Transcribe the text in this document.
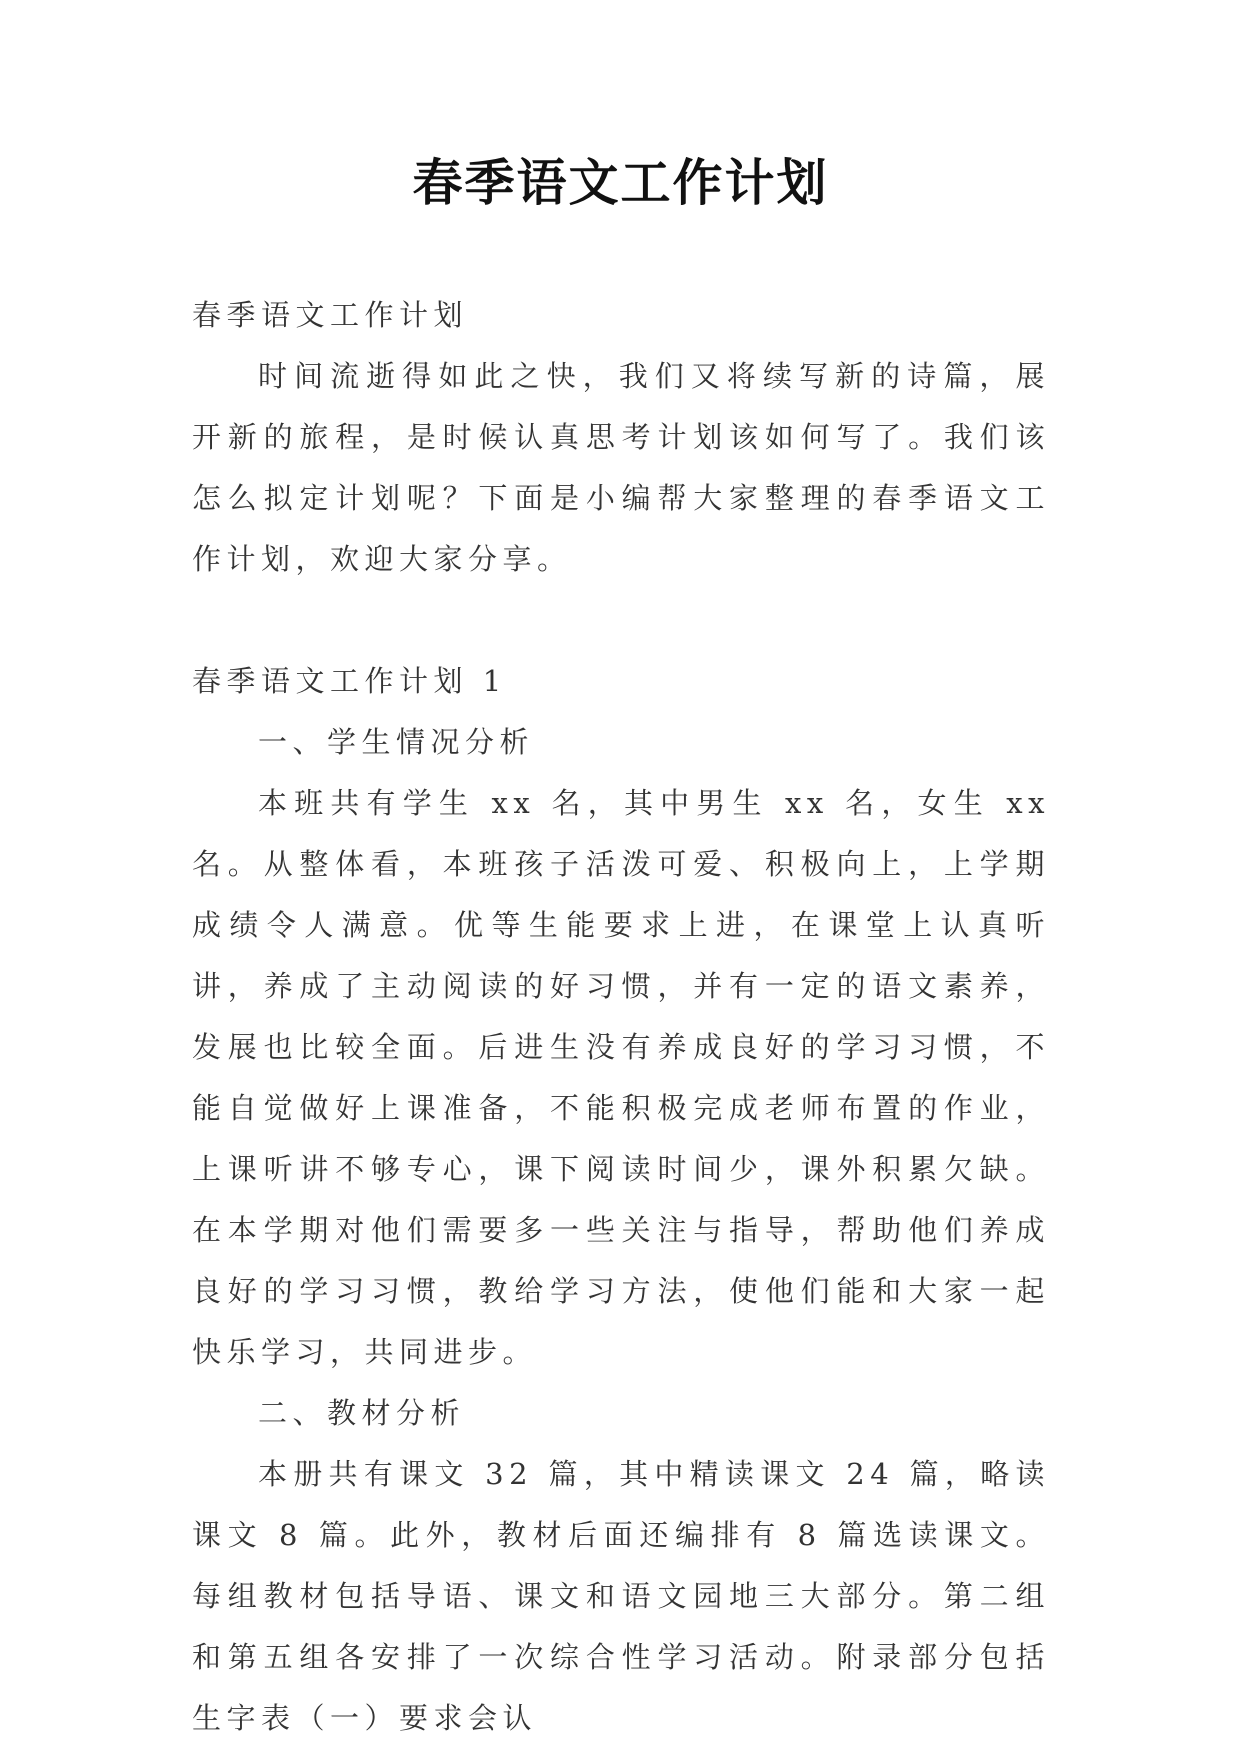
春季语文工作计划

春季语文工作计划

时间流逝得如此之快，我们又将续写新的诗篇，展开新的旅程，是时候认真思考计划该如何写了。我们该怎么拟定计划呢？下面是小编帮大家整理的春季语文工作计划，欢迎大家分享。

春季语文工作计划 1

一、学生情况分析

本班共有学生 xx 名，其中男生 xx 名，女生 xx 名。从整体看，本班孩子活泼可爱、积极向上，上学期成绩令人满意。优等生能要求上进，在课堂上认真听讲，养成了主动阅读的好习惯，并有一定的语文素养，发展也比较全面。后进生没有养成良好的学习习惯，不能自觉做好上课准备，不能积极完成老师布置的作业，上课听讲不够专心，课下阅读时间少，课外积累欠缺。在本学期对他们需要多一些关注与指导，帮助他们养成良好的学习习惯，教给学习方法，使他们能和大家一起快乐学习，共同进步。

二、教材分析

本册共有课文 32 篇，其中精读课文 24 篇，略读课文 8 篇。此外，教材后面还编排有 8 篇选读课文。每组教材包括导语、课文和语文园地三大部分。第二组和第五组各安排了一次综合性学习活动。附录部分包括生字表（一）要求会认
